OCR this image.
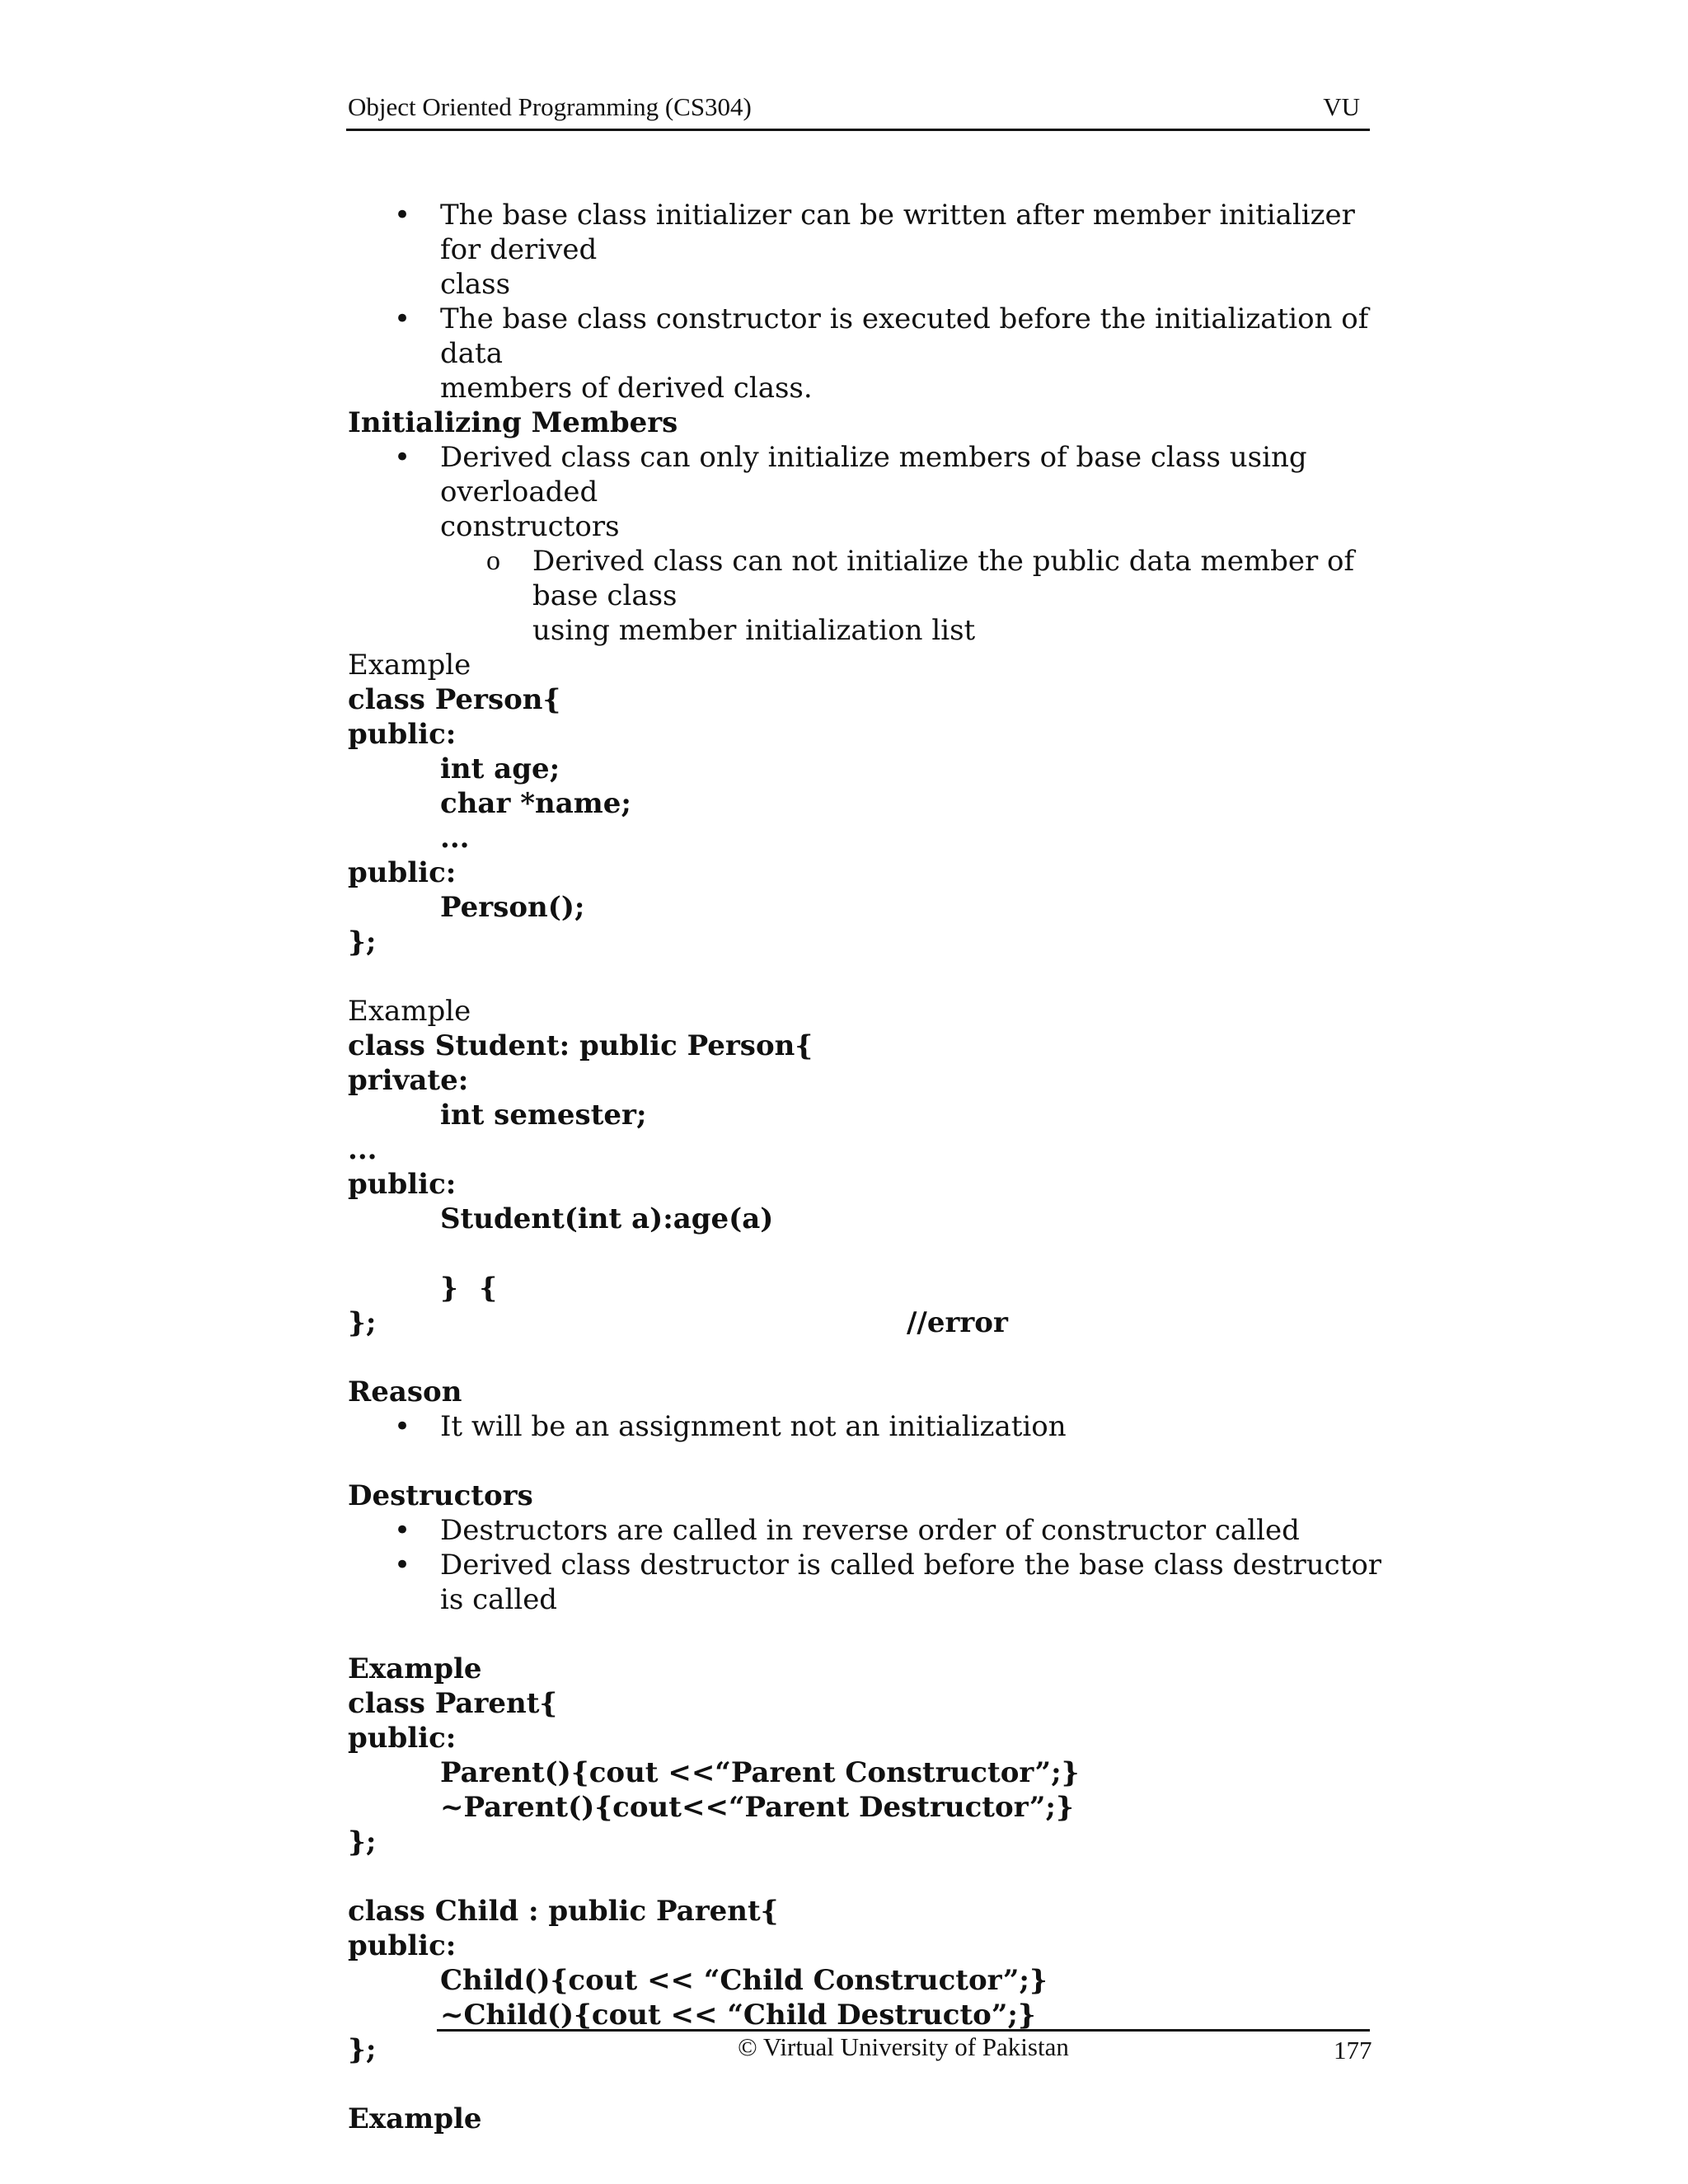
Object Oriented Programming (CS304)	VU
• The base class initializer can be written after member initializer for derived
class
• The base class constructor is executed before the initialization of data
members of derived class.
Initializing Members
• Derived class can only initialize members of base class using overloaded
constructors
o Derived class can not initialize the public data member of base class
using member initialization list
Example
class Person{
public:
int age;
char *name;
...
public:
Person();
};
Example
class Student: public Person{
private:
int semester;
...
public:
Student(int a):age(a)

{

//error

}
};
Reason
• It will be an assignment not an initialization
Destructors
• Destructors are called in reverse order of constructor called
• Derived class destructor is called before the base class destructor is called
Example
class Parent{
public:
Parent(){cout <<“Parent Constructor”;}
~Parent(){cout<<“Parent Destructor”;}
};
class Child : public Parent{
public:
Child(){cout << “Child Constructor”;}
~Child(){cout << “Child Destructo”;}
};
Example
© Virtual University of Pakistan	177
